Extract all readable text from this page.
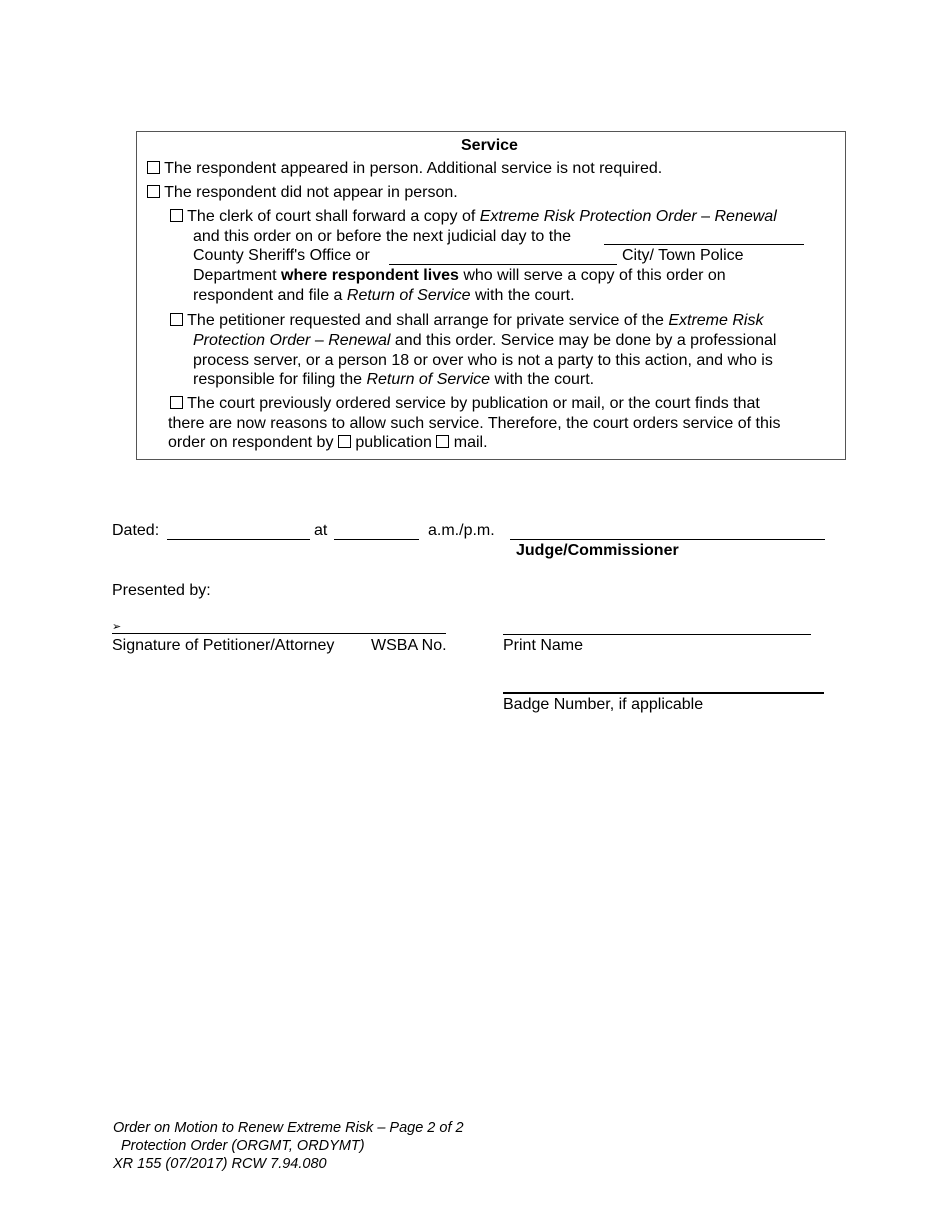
Service
The respondent appeared in person. Additional service is not required.
The respondent did not appear in person.
The clerk of court shall forward a copy of Extreme Risk Protection Order – Renewal
and this order on or before the next judicial day to the
County Sheriff's Office or	City/ Town Police
Department where respondent lives who will serve a copy of this order on
respondent and file a Return of Service with the court.
The petitioner requested and shall arrange for private service of the Extreme Risk
Protection Order – Renewal and this order. Service may be done by a professional
process server, or a person 18 or over who is not a party to this action, and who is
responsible for filing the Return of Service with the court.
The court previously ordered service by publication or mail, or the court finds that
there are now reasons to allow such service. Therefore, the court orders service of this
order on respondent by publication mail.
Dated:	at	a.m./p.m.
Judge/Commissioner
Presented by:
➢
Signature of Petitioner/Attorney WSBA No.	Print Name
Badge Number, if applicable
Order on Motion to Renew Extreme Risk – Page 2 of 2
Protection Order (ORGMT, ORDYMT)
XR 155 (07/2017) RCW 7.94.080
